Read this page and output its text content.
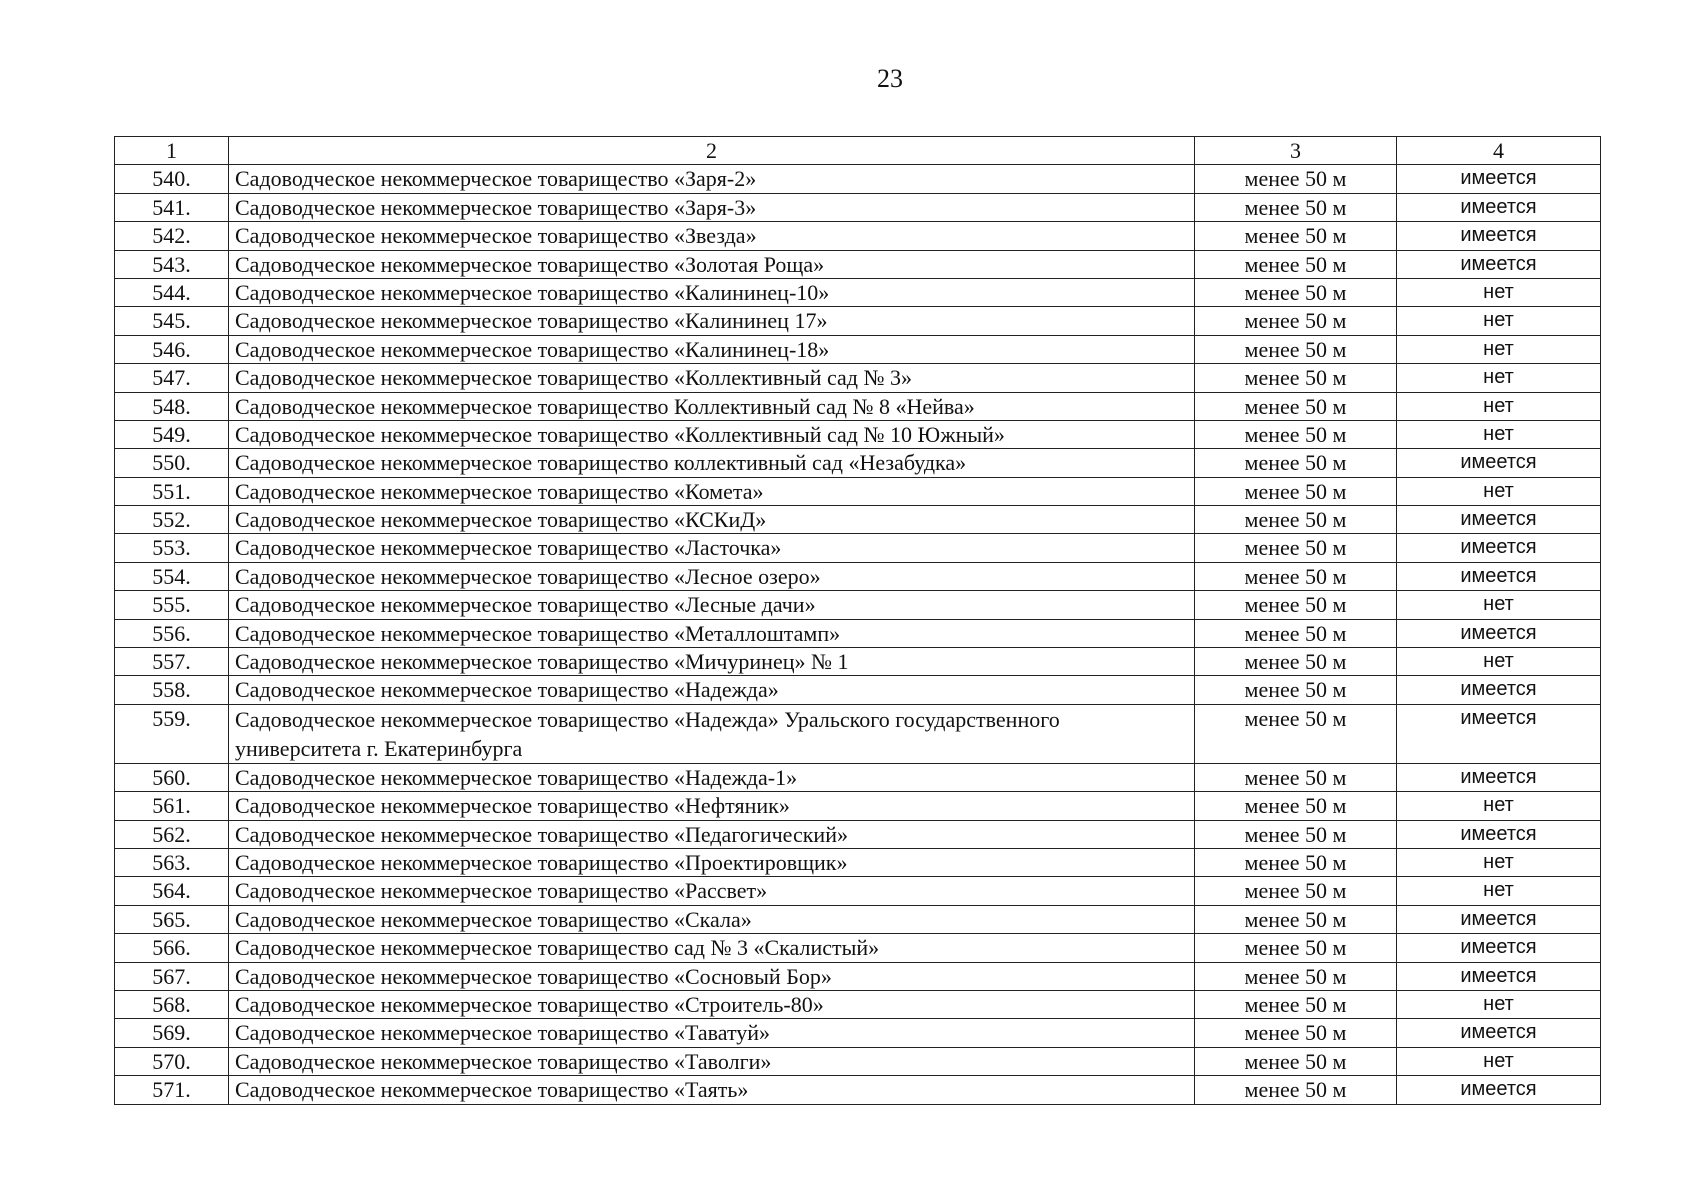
23
1	2	3	4
540.	Садоводческое некоммерческое товарищество «Заря-2»	менее 50 м	имеется
541.	Садоводческое некоммерческое товарищество «Заря-3»	менее 50 м	имеется
542.	Садоводческое некоммерческое товарищество «Звезда»	менее 50 м	имеется
543.	Садоводческое некоммерческое товарищество «Золотая Роща»	менее 50 м	имеется
544.	Садоводческое некоммерческое товарищество «Калининец-10»	менее 50 м	нет
545.	Садоводческое некоммерческое товарищество «Калининец 17»	менее 50 м	нет
546.	Садоводческое некоммерческое товарищество «Калининец-18»	менее 50 м	нет
547.	Садоводческое некоммерческое товарищество «Коллективный сад № 3»	менее 50 м	нет
548.	Садоводческое некоммерческое товарищество Коллективный сад № 8 «Нейва»	менее 50 м	нет
549.	Садоводческое некоммерческое товарищество «Коллективный сад № 10 Южный»	менее 50 м	нет
550.	Садоводческое некоммерческое товарищество коллективный сад «Незабудка»	менее 50 м	имеется
551.	Садоводческое некоммерческое товарищество «Комета»	менее 50 м	нет
552.	Садоводческое некоммерческое товарищество «КСКиД»	менее 50 м	имеется
553.	Садоводческое некоммерческое товарищество «Ласточка»	менее 50 м	имеется
554.	Садоводческое некоммерческое товарищество «Лесное озеро»	менее 50 м	имеется
555.	Садоводческое некоммерческое товарищество «Лесные дачи»	менее 50 м	нет
556.	Садоводческое некоммерческое товарищество «Металлоштамп»	менее 50 м	имеется
557.	Садоводческое некоммерческое товарищество «Мичуринец» № 1	менее 50 м	нет
558.	Садоводческое некоммерческое товарищество «Надежда»	менее 50 м	имеется
559.	Садоводческое некоммерческое товарищество «Надежда» Уральского государственного университета г. Екатеринбурга	менее 50 м	имеется
560.	Садоводческое некоммерческое товарищество «Надежда-1»	менее 50 м	имеется
561.	Садоводческое некоммерческое товарищество «Нефтяник»	менее 50 м	нет
562.	Садоводческое некоммерческое товарищество «Педагогический»	менее 50 м	имеется
563.	Садоводческое некоммерческое товарищество «Проектировщик»	менее 50 м	нет
564.	Садоводческое некоммерческое товарищество «Рассвет»	менее 50 м	нет
565.	Садоводческое некоммерческое товарищество «Скала»	менее 50 м	имеется
566.	Садоводческое некоммерческое товарищество сад № 3 «Скалистый»	менее 50 м	имеется
567.	Садоводческое некоммерческое товарищество «Сосновый Бор»	менее 50 м	имеется
568.	Садоводческое некоммерческое товарищество «Строитель-80»	менее 50 м	нет
569.	Садоводческое некоммерческое товарищество «Таватуй»	менее 50 м	имеется
570.	Садоводческое некоммерческое товарищество «Таволги»	менее 50 м	нет
571.	Садоводческое некоммерческое товарищество «Таять»	менее 50 м	имеется
